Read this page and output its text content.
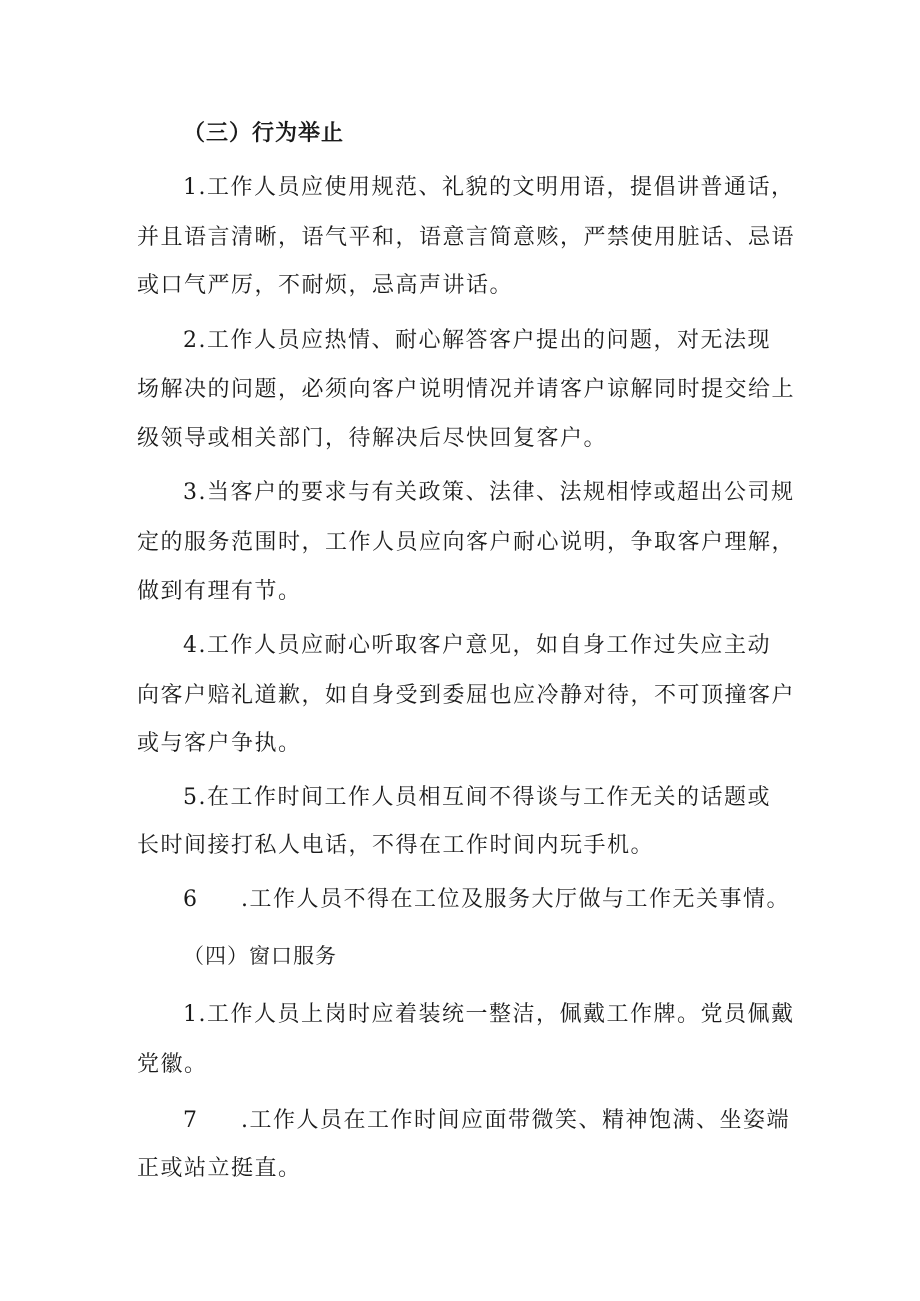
（三）行为举止
1.工作人员应使用规范、礼貌的文明用语，提倡讲普通话，
并且语言清晰，语气平和，语意言简意赅，严禁使用脏话、忌语
或口气严厉，不耐烦，忌高声讲话。
2.工作人员应热情、耐心解答客户提出的问题，对无法现
场解决的问题，必须向客户说明情况并请客户谅解同时提交给上
级领导或相关部门，待解决后尽快回复客户。
3.当客户的要求与有关政策、法律、法规相悖或超出公司规
定的服务范围时，工作人员应向客户耐心说明，争取客户理解，
做到有理有节。
4.工作人员应耐心听取客户意见，如自身工作过失应主动
向客户赔礼道歉，如自身受到委屈也应冷静对待，不可顶撞客户
或与客户争执。
5.在工作时间工作人员相互间不得谈与工作无关的话题或
长时间接打私人电话，不得在工作时间内玩手机。
6 .工作人员不得在工位及服务大厅做与工作无关事情。
（四）窗口服务
1.工作人员上岗时应着装统一整洁，佩戴工作牌。党员佩戴
党徽。
7 .工作人员在工作时间应面带微笑、精神饱满、坐姿端
正或站立挺直。
